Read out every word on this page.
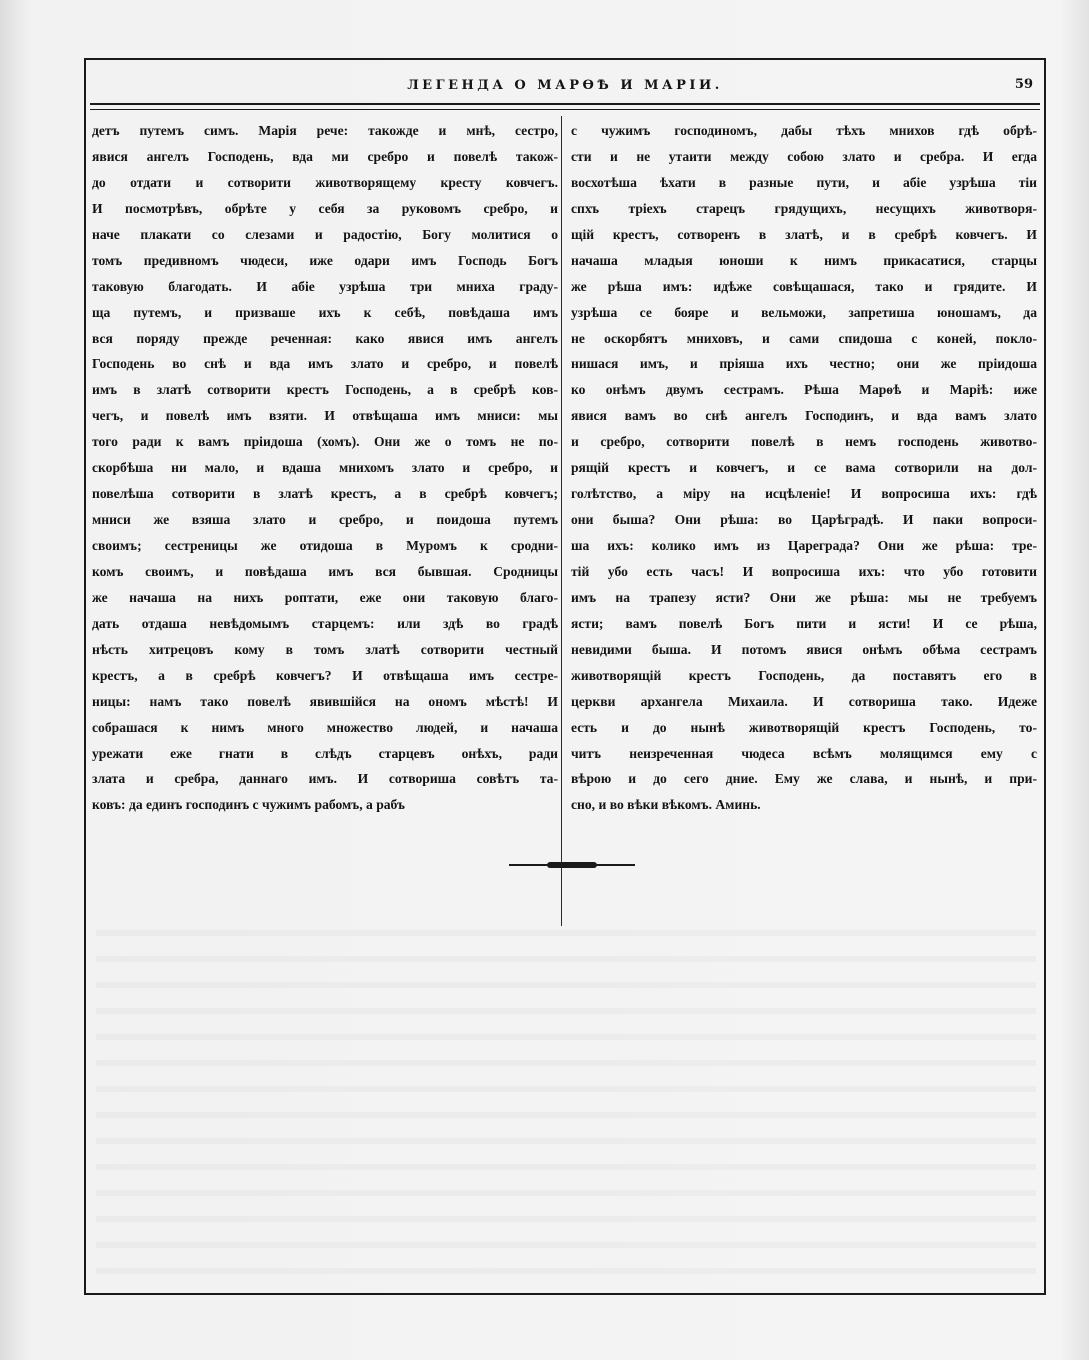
ЛЕГЕНДА О МАРѲѢ И МАРІИ.	59
детъ путемъ симъ. Марія рече: такожде и мнѣ, сестро,
явися ангелъ Господень, вда ми сребро и повелѣ також-
до отдати и сотворити животворящему кресту ковчегъ.
И посмотрѣвъ, обрѣте у себя за руковомъ сребро, и
наче плакати со слезами и радостію, Богу молитися о
томъ предивномъ чюдеси, иже одари имъ Господь Богъ
таковую благодать. И абіе узрѣша три мниха граду-
ща путемъ, и призваше ихъ к себѣ, повѣдаша имъ
вся порядy прежде реченная: како явися имъ ангелъ
Господень во снѣ и вда имъ злато и сребро, и повелѣ
имъ в златѣ сотворити крестъ Господень, а в сребрѣ ков-
чегъ, и повелѣ имъ взяти. И отвѣщаша имъ мниси: мы
того ради к вамъ пріидоша (хомъ). Они же о томъ не по-
скорбѣша ни мало, и вдаша мнихомъ злато и сребро, и
повелѣша сотворити в златѣ крестъ, а в сребрѣ ковчегъ;
мниси же взяша злато и сребро, и поидоша путемъ
своимъ; сестреницы же отидоша в Муромъ к сродни-
комъ своимъ, и повѣдаша имъ вся бывшая. Сродницы
же начаша на нихъ роптати, еже они таковую благо-
дать отдаша невѣдомымъ старцемъ: или здѣ во градѣ
нѣсть хитрецовъ кому в томъ златѣ сотворити честный
крестъ, а в сребрѣ ковчегъ? И отвѣщаша имъ сестре-
ницы: намъ тако повелѣ явившійся на ономъ мѣстѣ! И
собрашася к нимъ много множество людей, и начаша
урежати еже гнати в слѣдъ старцевъ онѣхъ, ради
злата и сребра, даннаго имъ. И сотвориша совѣтъ та-
ковъ: да единъ господинъ с чужимъ рабомъ, а рабъ
с чужимъ господиномъ, дабы тѣхъ мнихов гдѣ обрѣ-
сти и не утаити между собою злато и сребра. И егда
восхотѣша ѣхати в разные пути, и абіе узрѣша тіи
спхъ тріехъ старецъ грядущихъ, несущихъ животворя-
щій крестъ, сотворенъ в златѣ, и в сребрѣ ковчегъ. И
начаша младыя юноши к нимъ прикасатися, старцы
же рѣша имъ: идѣже совѣщашася, тако и грядите. И
узрѣша се бояре и вельможи, запретиша юношамъ, да
не оскорбятъ мниховъ, и сами спидоша с коней, покло-
нишася имъ, и пріяша ихъ честно; они же пріидоша
ко онѣмъ двумъ сестрамъ. Рѣша Марѳѣ и Маріѣ: иже
явися вамъ во снѣ ангелъ Господинъ, и вда вамъ злато
и сребро, сотворити повелѣ в немъ господень животво-
рящій крестъ и ковчегъ, и се вама сотворили на дол-
голѣтство, а міру на исцѣленіе! И вопросиша ихъ: гдѣ
они быша? Они рѣша: во Царѣградѣ. И паки вопроси-
ша ихъ: колико имъ из Цареграда? Они же рѣша: тре-
тій убо есть часъ! И вопросиша ихъ: что убо готовити
имъ на трапезу ясти? Они же рѣша: мы не требуемъ
ясти; вамъ повелѣ Богъ пити и ясти! И се рѣша,
невидими быша. И потомъ явися онѣмъ обѣма сестрамъ
животворящій крестъ Господень, да поставятъ его в
церкви архангела Михаила. И сотвориша тако. Идеже
есть и до нынѣ животворящій крестъ Господень, то-
читъ неизреченная чюдеса всѣмъ молящимся ему с
вѣрою и до сего дние. Ему же слава, и нынѣ, и при-
сно, и во вѣки вѣкомъ. Аминь.
